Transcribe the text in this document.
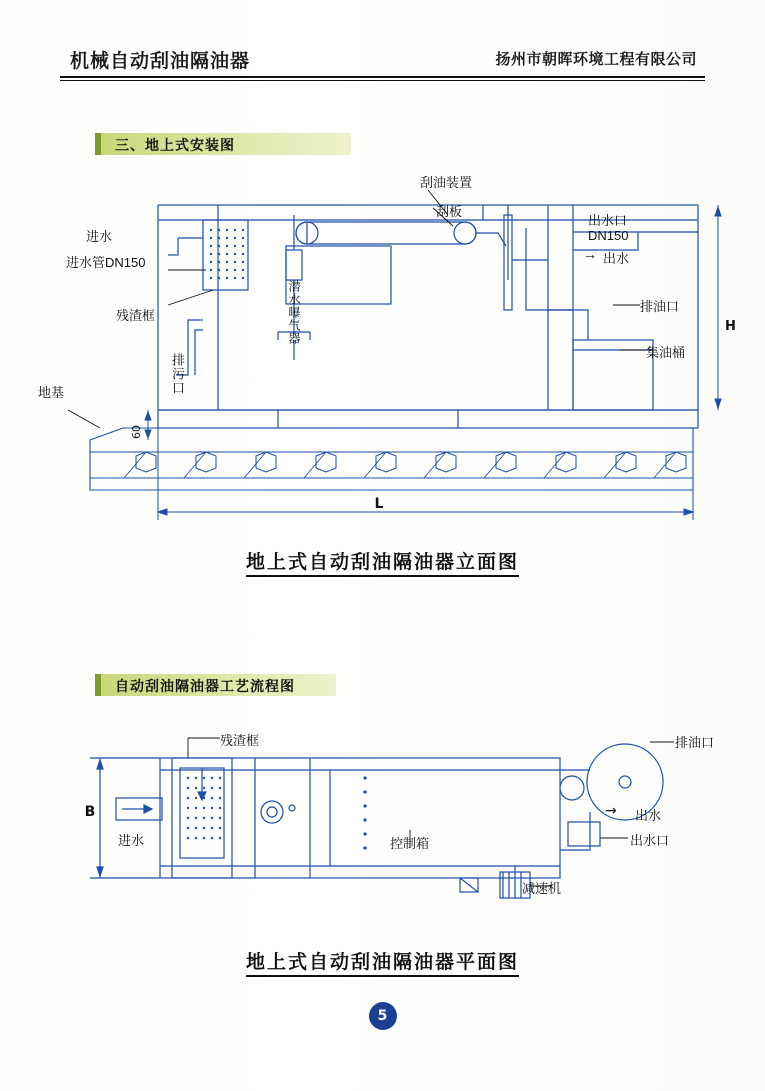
机械自动刮油隔油器	扬州市朝晖环境工程有限公司
三、地上式安装图
L
60
H
刮油装置
刮板
出水口
DN150
出水
→
进水
进水管DN150
残渣框	潜水曝气器
排污口
排油口
集油桶
地基
地上式自动刮油隔油器立面图
自动刮油隔油器工艺流程图
B	→
残渣框	排油口
进水
出水
出水口
控制箱
减速机
地上式自动刮油隔油器平面图
5
